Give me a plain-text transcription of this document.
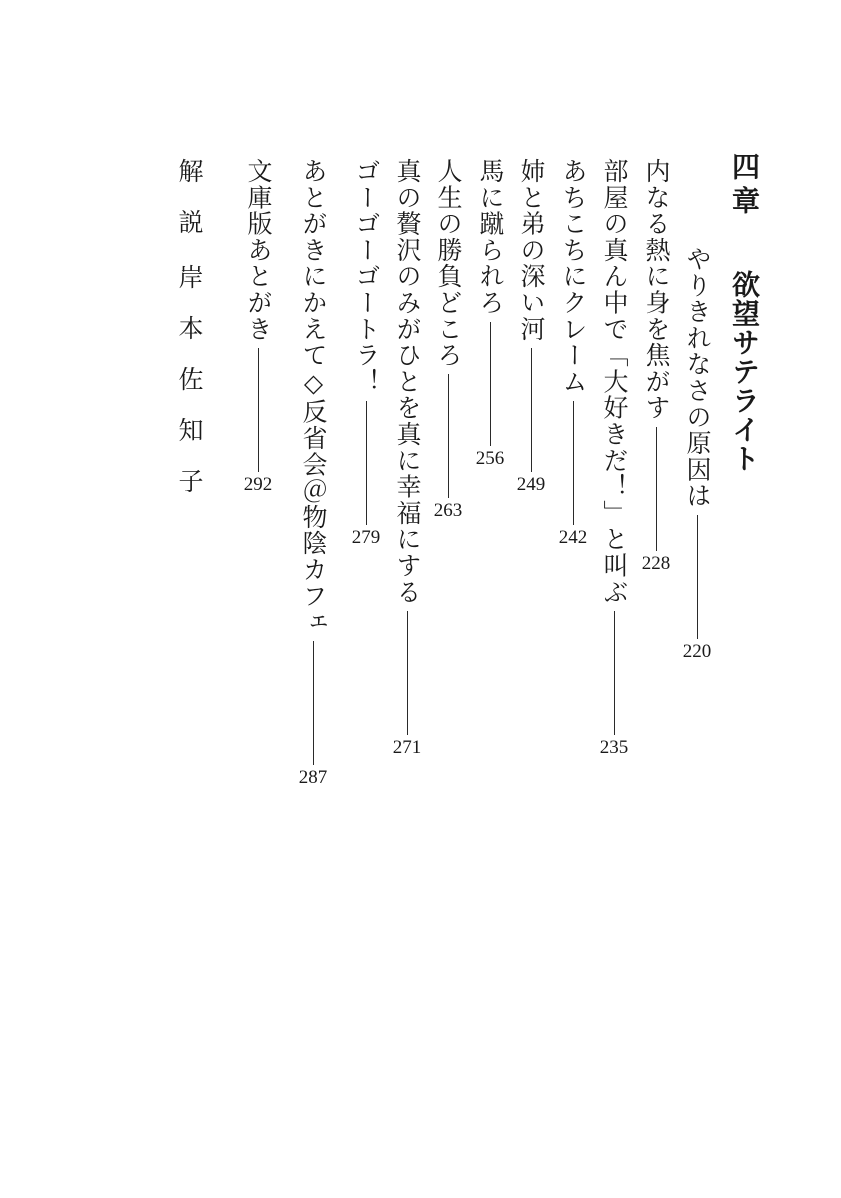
四章
欲望サテライト
やりきれなさの原因は
220
内なる熱に身を焦がす
228
部屋の真ん中で「大好きだ！」と叫ぶ
235
あちこちにクレーム
242
姉と弟の深い河
249
馬に蹴られろ
256
人生の勝負どころ
263
真の贅沢のみがひとを真に幸福にする
271
ゴーゴーゴートラ！
279
あとがきにかえて◇反省会＠物陰カフェ
287
文庫版あとがき
292
解説
岸本佐知子
